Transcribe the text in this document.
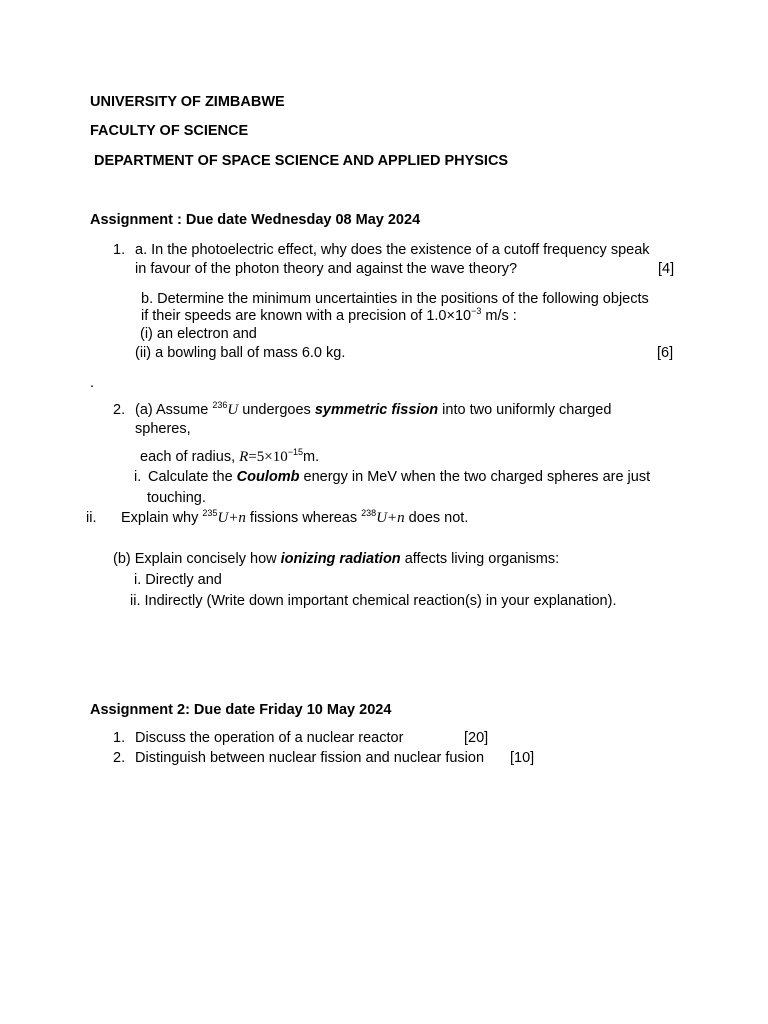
UNIVERSITY OF ZIMBABWE
FACULTY OF SCIENCE
DEPARTMENT OF SPACE SCIENCE AND APPLIED PHYSICS
Assignment : Due date Wednesday 08 May 2024
1. a. In the photoelectric effect, why does the existence of a cutoff frequency speak
in favour of the photon theory and against the wave theory?	[4]
b. Determine the minimum uncertainties in the positions of the following objects
if their speeds are known with a precision of $1.0\times 10^{-3}$ m/s :
(i) an electron and
(ii) a bowling ball of mass 6.0 kg.	[6]
.
2. (a) Assume $^{236}$U undergoes symmetric fission into two uniformly charged
spheres,
each of radius, $R=5\times 10^{-15}m$.
i. Calculate the Coulomb energy in MeV when the two charged spheres are just
touching.
ii. Explain why $^{235}$U+n fissions whereas $^{238}$U+n does not.
(b) Explain concisely how ionizing radiation affects living organisms:
i. Directly and
ii. Indirectly (Write down important chemical reaction(s) in your explanation).
Assignment 2: Due date Friday 10 May 2024
1. Discuss the operation of a nuclear reactor	[20]
2. Distinguish between nuclear fission and nuclear fusion [10]
